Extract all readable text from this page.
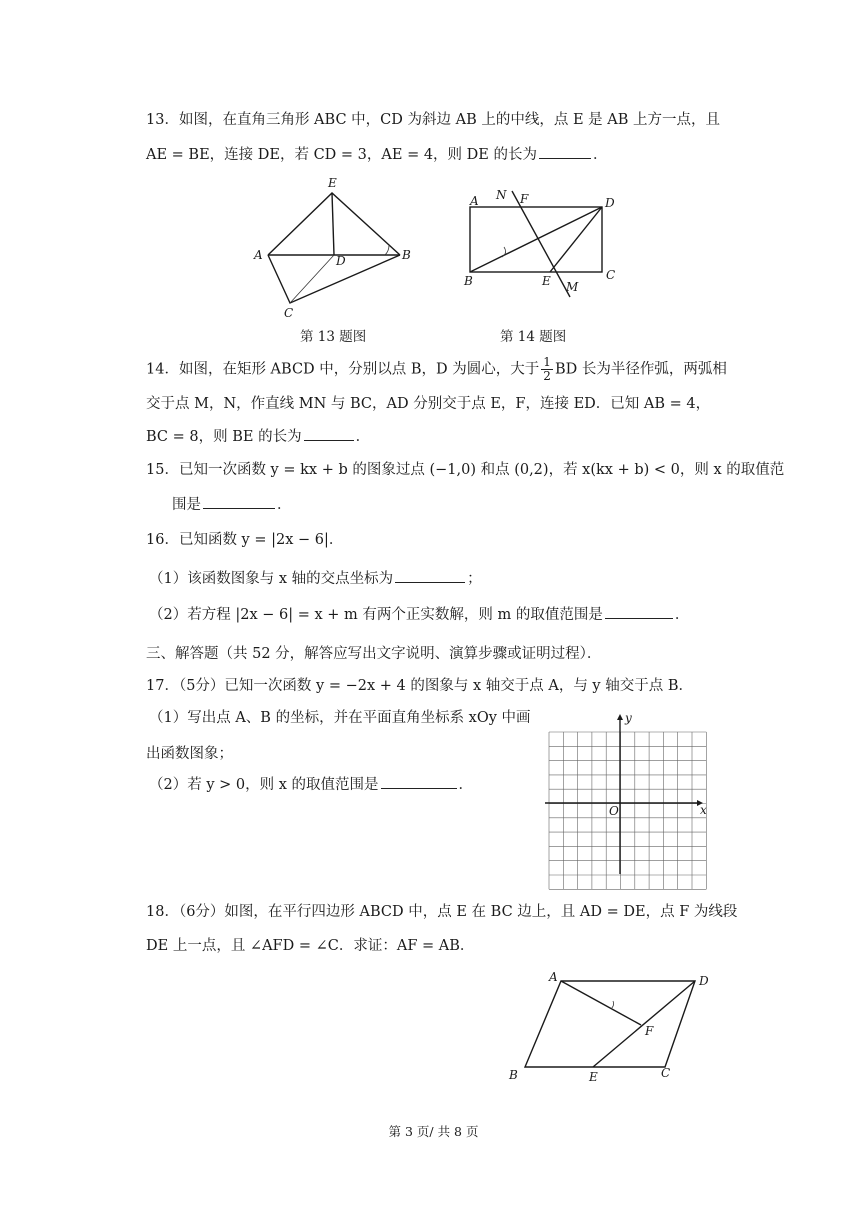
13．如图，在直角三角形 ABC 中，CD 为斜边 AB 上的中线，点 E 是 AB 上方一点，且
AE = BE，连接 DE，若 CD = 3，AE = 4，则 DE 的长为	．
E
A	B
C
D
第 13 题图
A N F	D
B	E M
C
第 14 题图
14．如图，在矩形 ABCD 中，分别以点 B，D 为圆心，大于 $\frac{1}{2}$ BD 长为半径作弧，两弧相
交于点 M，N，作直线 MN 与 BC，AD 分别交于点 E，F，连接 ED．已知 AB = 4，
BC = 8，则 BE 的长为	．
15．已知一次函数 y = kx + b 的图象过点 (−1,0) 和点 (0,2)，若 x(kx + b) < 0，则 x 的取值范
围是	．
16．已知函数 y = |2x − 6|．
（1）该函数图象与 x 轴的交点坐标为	；
（2）若方程 |2x − 6| = x + m 有两个正实数解，则 m 的取值范围是	．
三、解答题（共 52 分，解答应写出文字说明、演算步骤或证明过程）．
17．（5分）已知一次函数 y = −2x + 4 的图象与 x 轴交于点 A，与 y 轴交于点 B．
（1）写出点 A、B 的坐标，并在平面直角坐标系 xOy 中画
出函数图象；
（2）若 y > 0，则 x 的取值范围是	．
y
x
O
18．（6分）如图，在平行四边形 ABCD 中，点 E 在 BC 边上，且 AD = DE，点 F 为线段
DE 上一点，且 ∠AFD = ∠C．求证：AF = AB．
A	D
F
B	E	C
第 3 页/ 共 8 页
